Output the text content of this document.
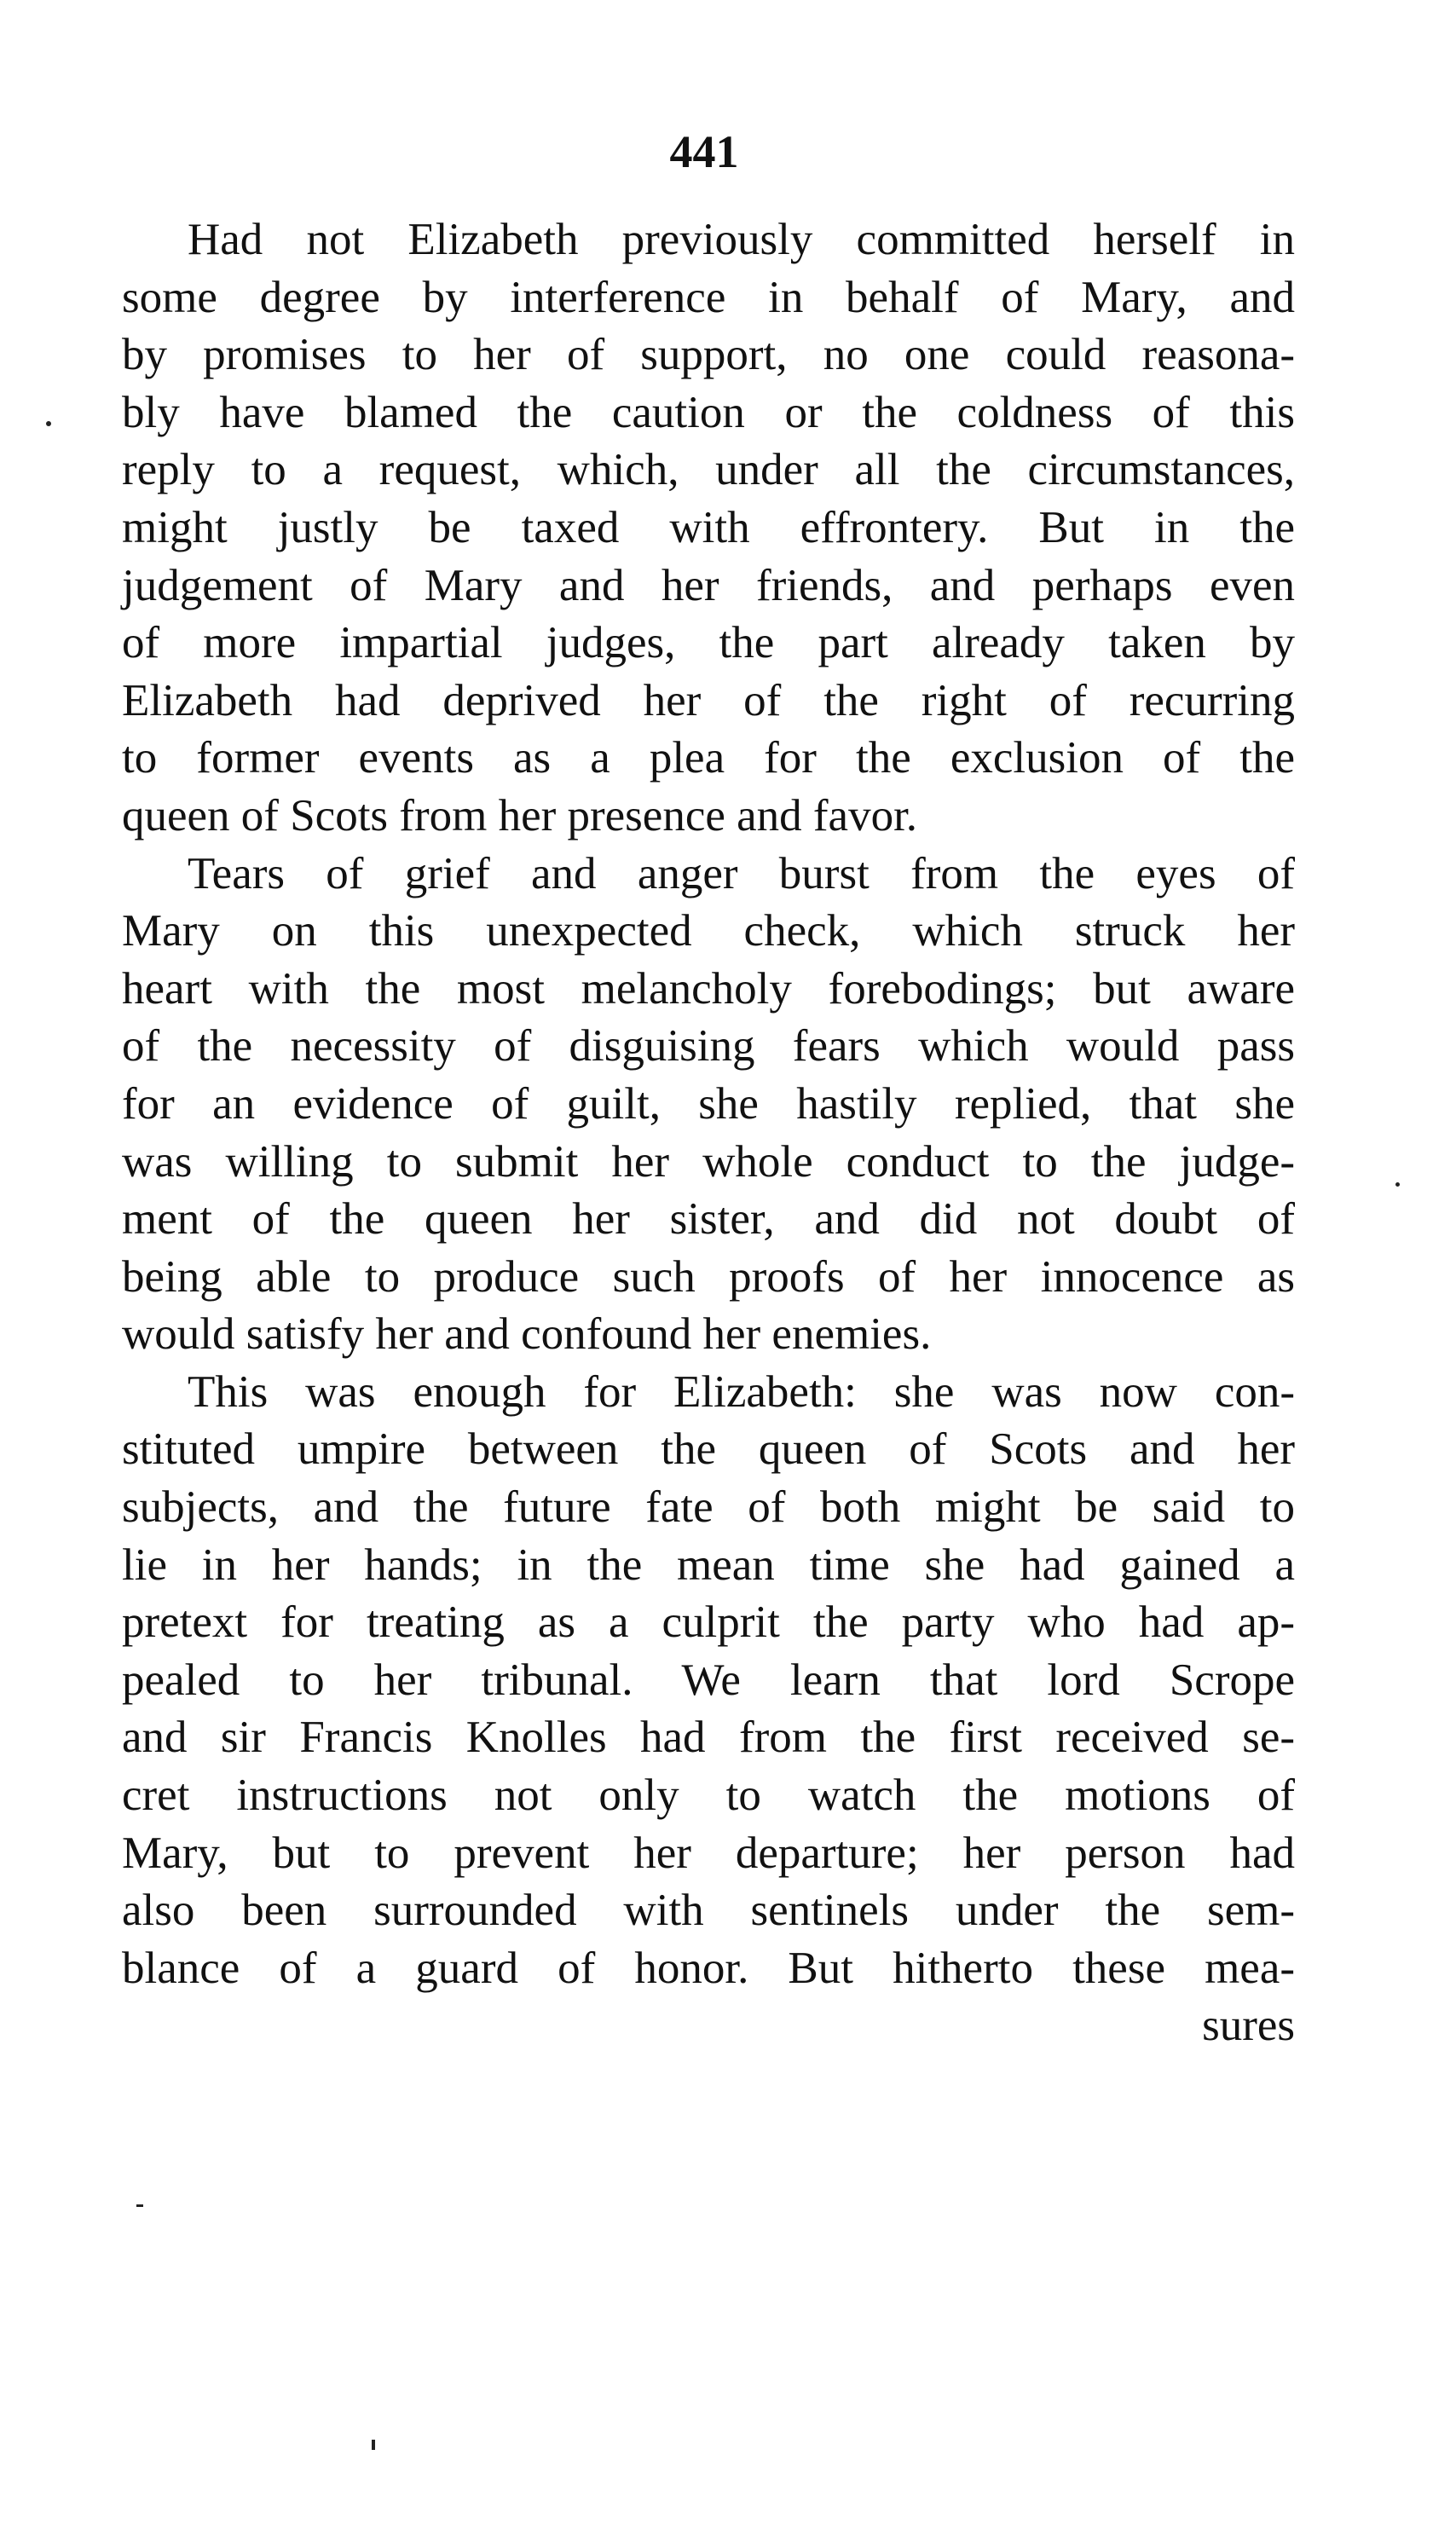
441
Had not Elizabeth previously committed herself in
some degree by interference in behalf of Mary, and
by promises to her of support, no one could reasona-
bly have blamed the caution or the coldness of this
reply to a request, which, under all the circumstances,
might justly be taxed with effrontery. But in the
judgement of Mary and her friends, and perhaps even
of more impartial judges, the part already taken by
Elizabeth had deprived her of the right of recurring
to former events as a plea for the exclusion of the
queen of Scots from her presence and favor.
Tears of grief and anger burst from the eyes of
Mary on this unexpected check, which struck her
heart with the most melancholy forebodings; but aware
of the necessity of disguising fears which would pass
for an evidence of guilt, she hastily replied, that she
was willing to submit her whole conduct to the judge-
ment of the queen her sister, and did not doubt of
being able to produce such proofs of her innocence as
would satisfy her and confound her enemies.
This was enough for Elizabeth: she was now con-
stituted umpire between the queen of Scots and her
subjects, and the future fate of both might be said to
lie in her hands; in the mean time she had gained a
pretext for treating as a culprit the party who had ap-
pealed to her tribunal. We learn that lord Scrope
and sir Francis Knolles had from the first received se-
cret instructions not only to watch the motions of
Mary, but to prevent her departure; her person had
also been surrounded with sentinels under the sem-
blance of a guard of honor. But hitherto these mea-
sures
